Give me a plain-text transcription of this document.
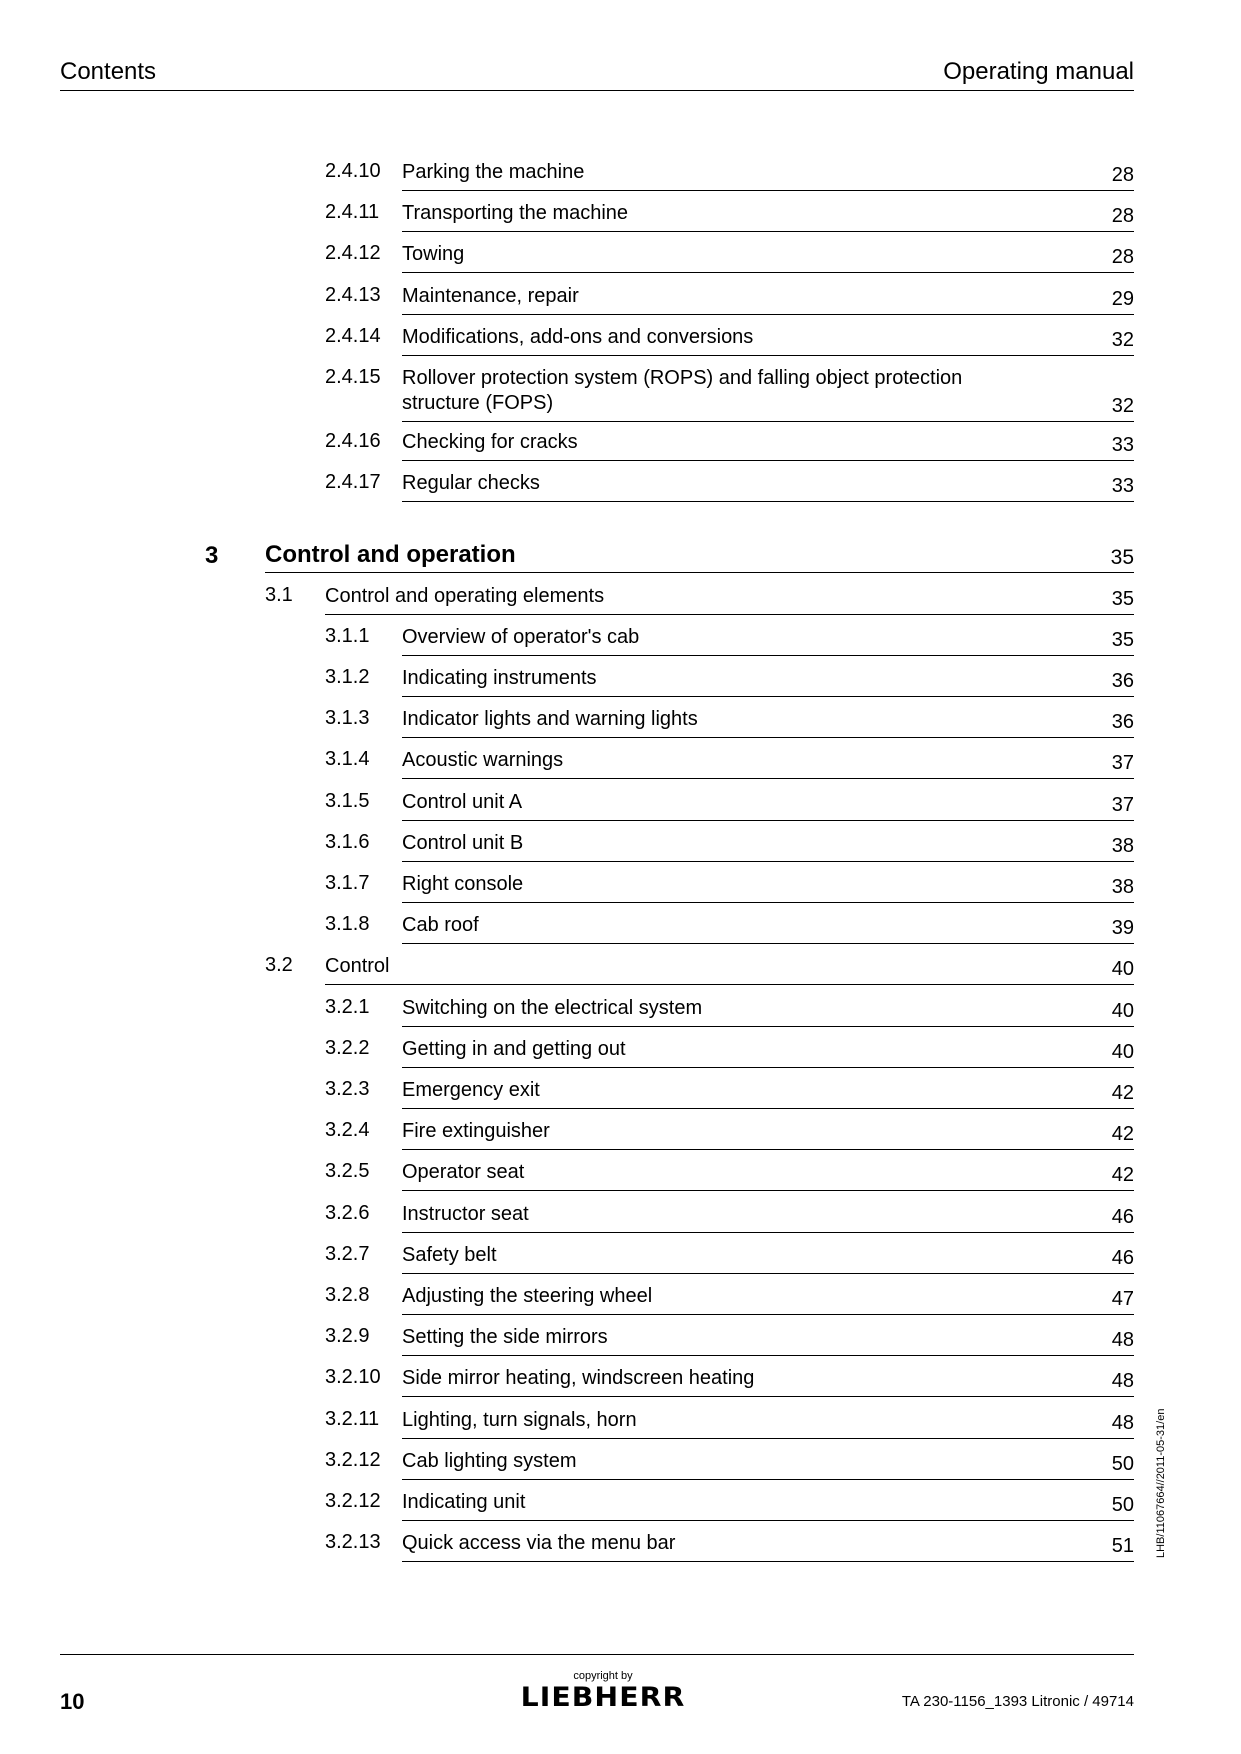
Contents	Operating manual
2.4.10 Parking the machine	28
2.4.11 Transporting the machine	28
2.4.12 Towing	28
2.4.13 Maintenance, repair	29
2.4.14 Modifications, add-ons and conversions	32
2.4.15 Rollover protection system (ROPS) and falling object protection structure (FOPS)	32
2.4.16 Checking for cracks	33
2.4.17 Regular checks	33
3 Control and operation	35
3.1 Control and operating elements	35
3.1.1 Overview of operator's cab	35
3.1.2 Indicating instruments	36
3.1.3 Indicator lights and warning lights	36
3.1.4 Acoustic warnings	37
3.1.5 Control unit A	37
3.1.6 Control unit B	38
3.1.7 Right console	38
3.1.8 Cab roof	39
3.2 Control	40
3.2.1 Switching on the electrical system	40
3.2.2 Getting in and getting out	40
3.2.3 Emergency exit	42
3.2.4 Fire extinguisher	42
3.2.5 Operator seat	42
3.2.6 Instructor seat	46
3.2.7 Safety belt	46
3.2.8 Adjusting the steering wheel	47
3.2.9 Setting the side mirrors	48
3.2.10 Side mirror heating, windscreen heating	48
3.2.11 Lighting, turn signals, horn	48
3.2.12 Cab lighting system	50
3.2.12 Indicating unit	50
3.2.13 Quick access via the menu bar	51 LHB/11067664//2011-05-31/en
10
copyright by
LIEBHERR	TA 230-1156_1393 Litronic / 49714
